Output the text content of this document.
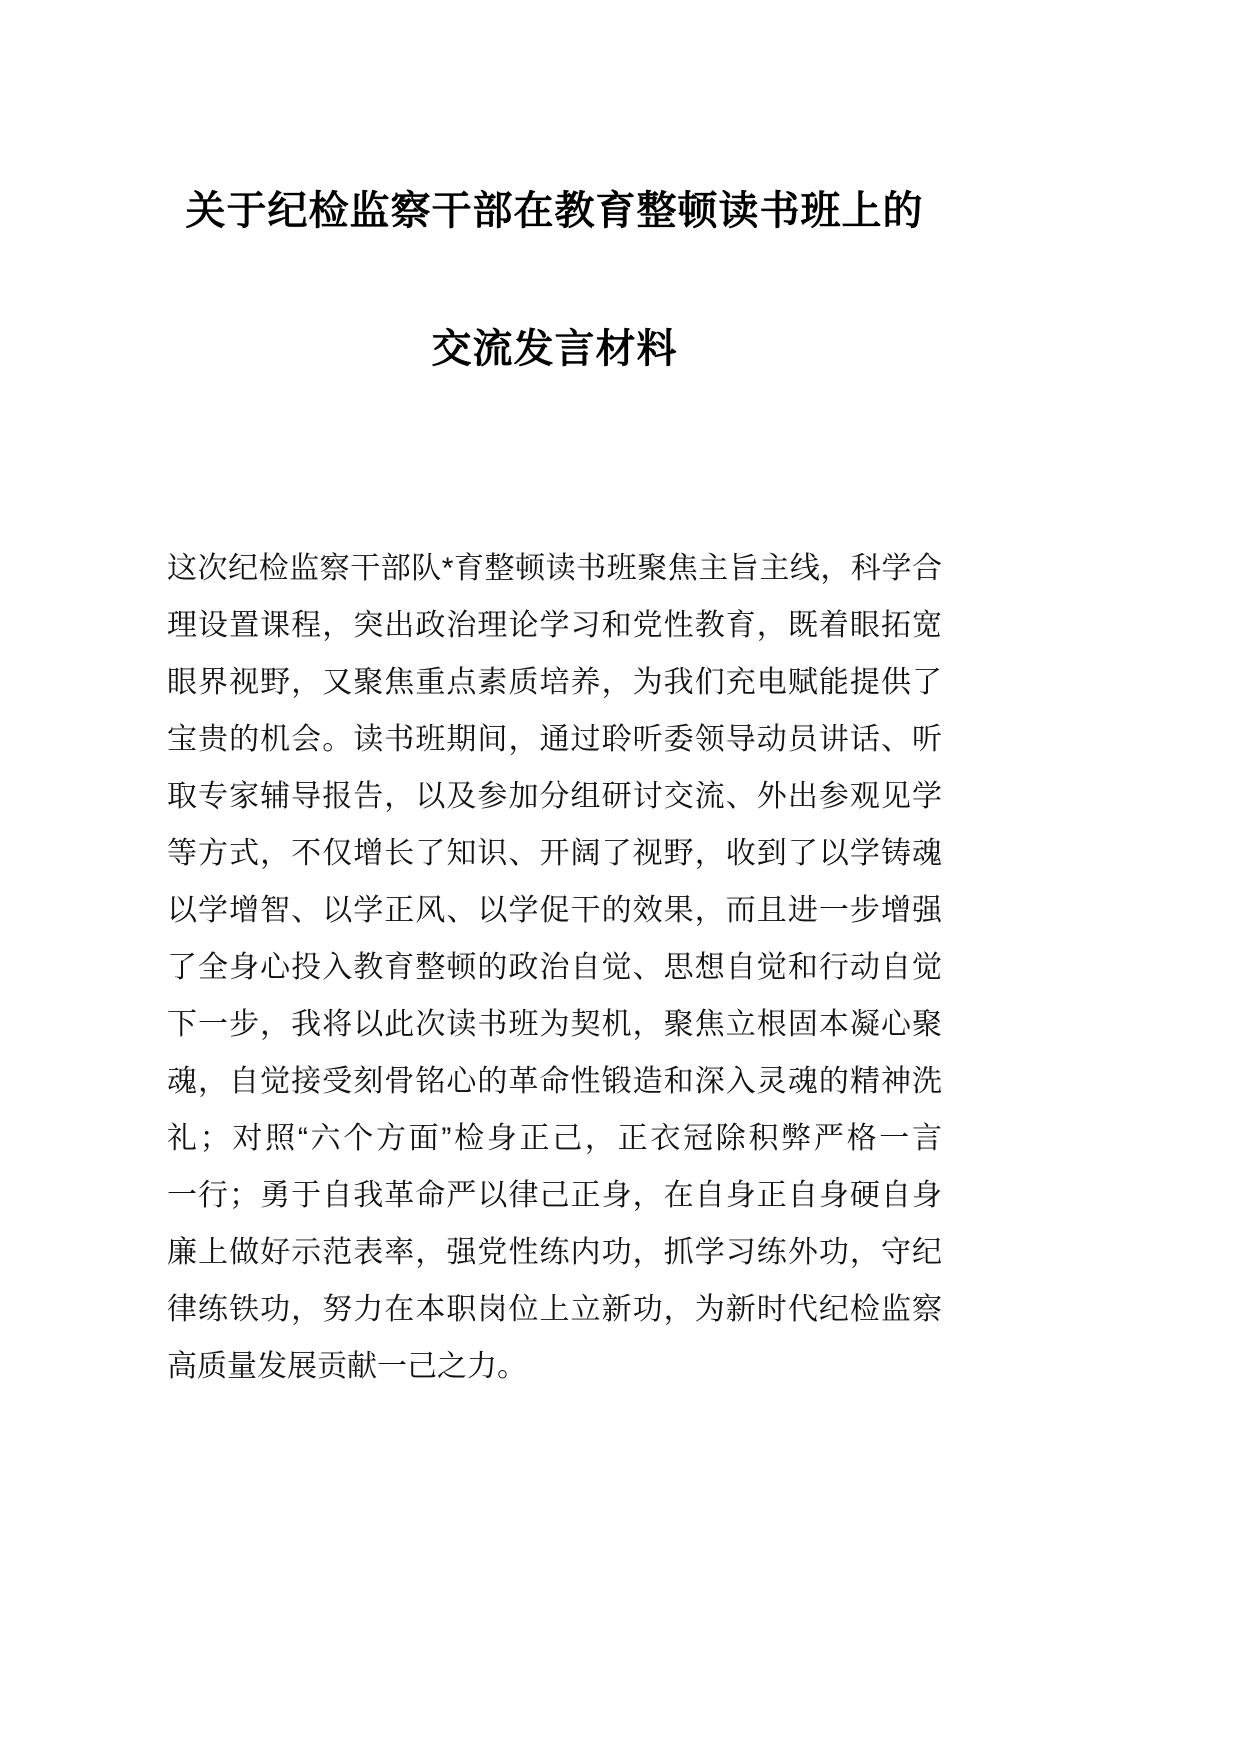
关于纪检监察干部在教育整顿读书班上的
交流发言材料
这次纪检监察干部队*育整顿读书班聚焦主旨主线，科学合
理设置课程，突出政治理论学习和党性教育，既着眼拓宽
眼界视野，又聚焦重点素质培养，为我们充电赋能提供了
宝贵的机会。读书班期间，通过聆听委领导动员讲话、听
取专家辅导报告，以及参加分组研讨交流、外出参观见学
等方式，不仅增长了知识、开阔了视野，收到了以学铸魂
以学增智、以学正风、以学促干的效果，而且进一步增强
了全身心投入教育整顿的政治自觉、思想自觉和行动自觉
下一步，我将以此次读书班为契机，聚焦立根固本凝心聚
魂，自觉接受刻骨铭心的革命性锻造和深入灵魂的精神洗
礼；对照“六个方面”检身正己，正衣冠除积弊严格一言
一行；勇于自我革命严以律己正身，在自身正自身硬自身
廉上做好示范表率，强党性练内功，抓学习练外功，守纪
律练铁功，努力在本职岗位上立新功，为新时代纪检监察
高质量发展贡献一己之力。
